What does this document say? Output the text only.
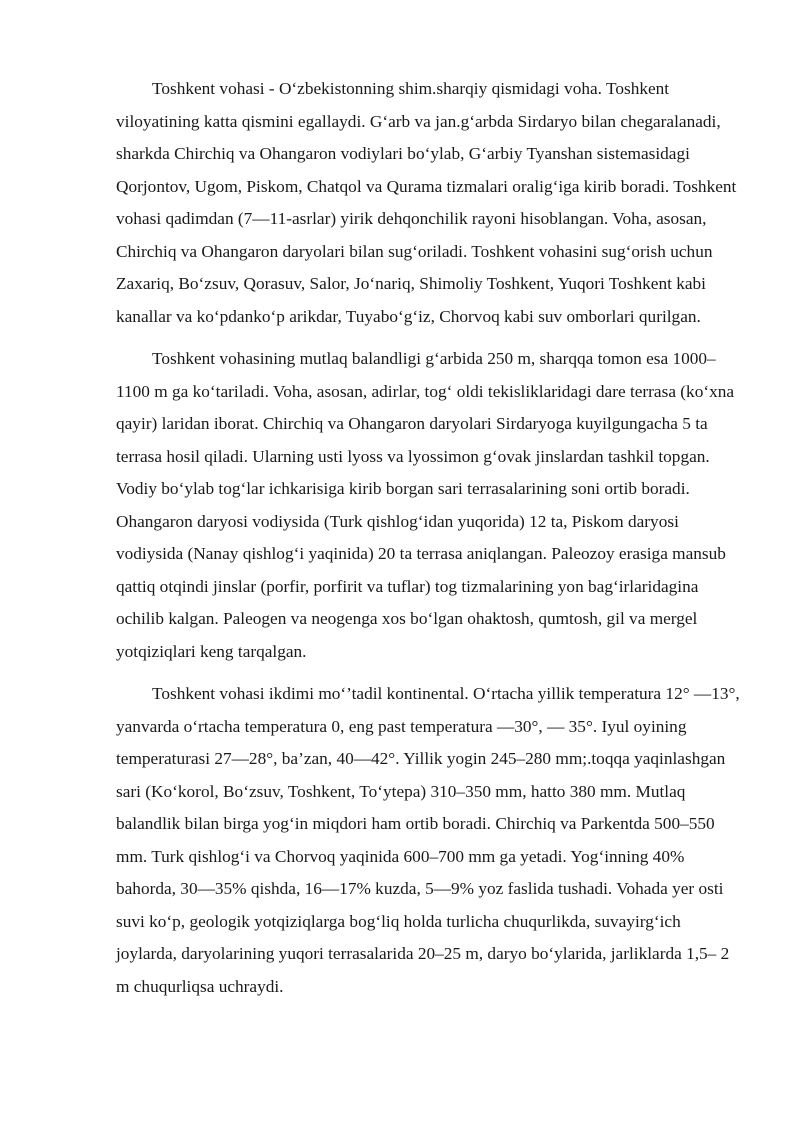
Toshkent vohasi - O‘zbekistonning shim.sharqiy qismidagi voha. Toshkent viloyatining katta qismini egallaydi. G‘arb va jan.g‘arbda Sirdaryo bilan chegaralanadi, sharkda Chirchiq va Ohangaron vodiylari bo‘ylab, G‘arbiy Tyanshan sistemasidagi Qorjontov, Ugom, Piskom, Chatqol va Qurama tizmalari oralig‘iga kirib boradi. Toshkent vohasi qadimdan (7—11-asrlar) yirik dehqonchilik rayoni hisoblangan. Voha, asosan, Chirchiq va Ohangaron daryolari bilan sug‘oriladi. Toshkent vohasini sug‘orish uchun Zaxariq, Bo‘zsuv, Qorasuv, Salor, Jo‘nariq, Shimoliy Toshkent, Yuqori Toshkent kabi kanallar va ko‘pdanko‘p arikdar, Tuyabo‘g‘iz, Chorvoq kabi suv omborlari qurilgan.

Toshkent vohasining mutlaq balandligi g‘arbida 250 m, sharqqa tomon esa 1000–1100 m ga ko‘tariladi. Voha, asosan, adirlar, tog‘ oldi tekisliklaridagi dare terrasa (ko‘xna qayir) laridan iborat. Chirchiq va Ohangaron daryolari Sirdaryoga kuyilgungacha 5 ta terrasa hosil qiladi. Ularning usti lyoss va lyossimon g‘ovak jinslardan tashkil topgan. Vodiy bo‘ylab tog‘lar ichkarisiga kirib borgan sari terrasalarining soni ortib boradi. Ohangaron daryosi vodiysida (Turk qishlog‘idan yuqorida) 12 ta, Piskom daryosi vodiysida (Nanay qishlog‘i yaqinida) 20 ta terrasa aniqlangan. Paleozoy erasiga mansub qattiq otqindi jinslar (porfir, porfirit va tuflar) tog tizmalarining yon bag‘irlaridagina ochilib kalgan. Paleogen va neogenga xos bo‘lgan ohaktosh, qumtosh, gil va mergel yotqiziqlari keng tarqalgan.

Toshkent vohasi ikdimi mo‘’tadil kontinental. O‘rtacha yillik temperatura 12° —13°, yanvarda o‘rtacha temperatura 0, eng past temperatura —30°, — 35°. Iyul oyining temperaturasi 27—28°, ba’zan, 40—42°. Yillik yogin 245–280 mm;.toqqa yaqinlashgan sari (Ko‘korol, Bo‘zsuv, Toshkent, To‘ytepa) 310–350 mm, hatto 380 mm. Mutlaq balandlik bilan birga yog‘in miqdori ham ortib boradi. Chirchiq va Parkentda 500–550 mm. Turk qishlog‘i va Chorvoq yaqinida 600–700 mm ga yetadi. Yog‘inning 40% bahorda, 30—35% qishda, 16—17% kuzda, 5—9% yoz faslida tushadi. Vohada yer osti suvi ko‘p, geologik yotqiziqlarga bog‘liq holda turlicha chuqurlikda, suvayirg‘ich joylarda, daryolarining yuqori terrasalarida 20–25 m, daryo bo‘ylarida, jarliklarda 1,5– 2 m chuqurliqsa uchraydi.
